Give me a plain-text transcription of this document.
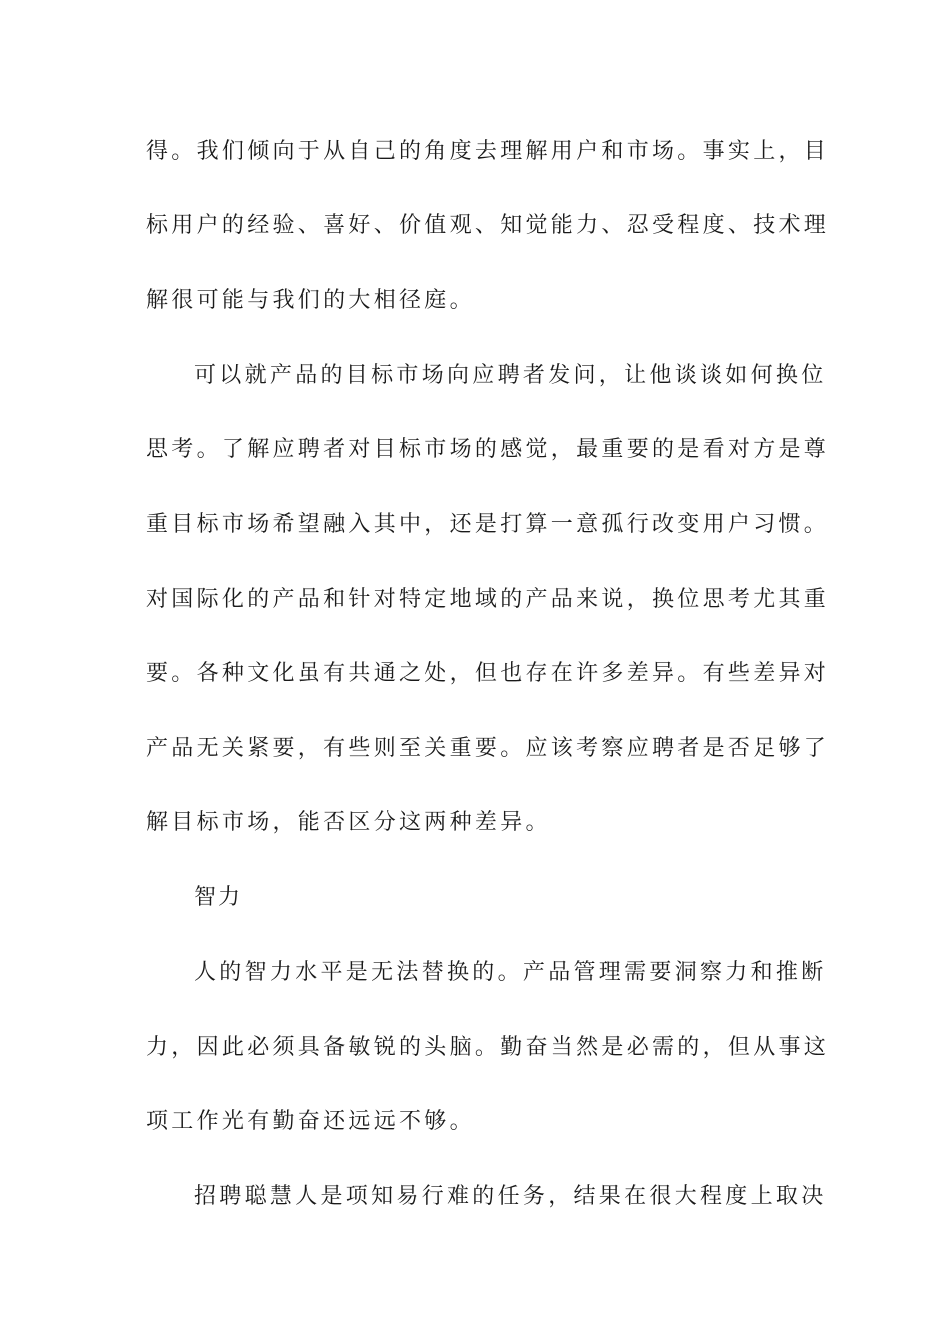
得。我们倾向于从自己的角度去理解用户和市场。事实上，目

标用户的经验、喜好、价值观、知觉能力、忍受程度、技术理

解很可能与我们的大相径庭。

可以就产品的目标市场向应聘者发问，让他谈谈如何换位

思考。了解应聘者对目标市场的感觉，最重要的是看对方是尊

重目标市场希望融入其中，还是打算一意孤行改变用户习惯。

对国际化的产品和针对特定地域的产品来说，换位思考尤其重

要。各种文化虽有共通之处，但也存在许多差异。有些差异对

产品无关紧要，有些则至关重要。应该考察应聘者是否足够了

解目标市场，能否区分这两种差异。

智力

人的智力水平是无法替换的。产品管理需要洞察力和推断

力，因此必须具备敏锐的头脑。勤奋当然是必需的，但从事这

项工作光有勤奋还远远不够。

招聘聪慧人是项知易行难的任务，结果在很大程度上取决
